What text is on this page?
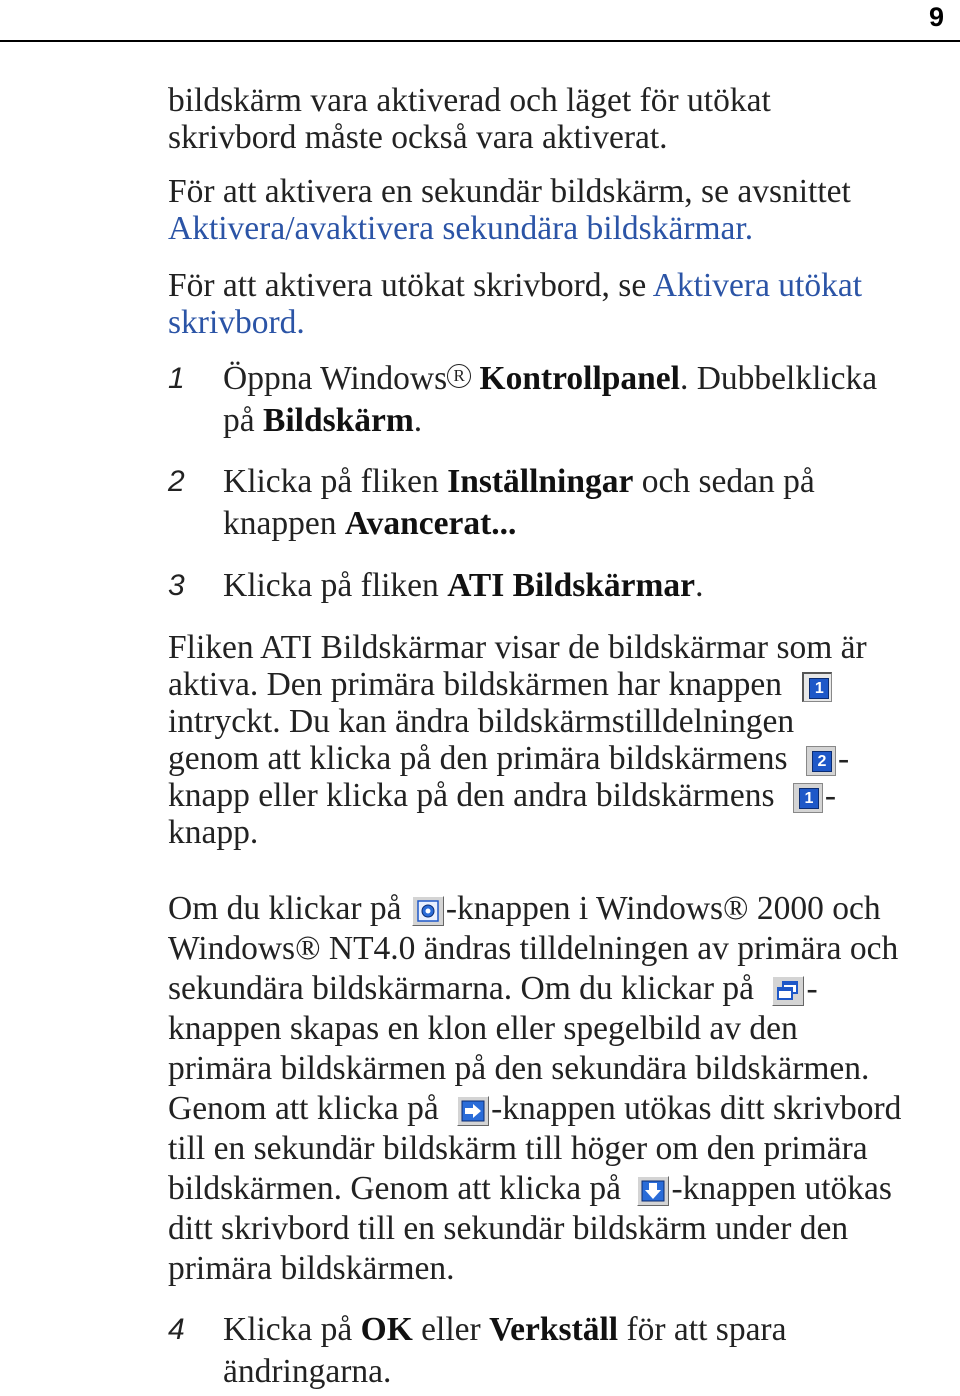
9
bildskärm vara aktiverad och läget för utökat
skrivbord måste också vara aktiverat.
För att aktivera en sekundär bildskärm, se avsnittet
Aktivera/avaktivera sekundära bildskärmar.
För att aktivera utökat skrivbord, se Aktivera utökat
skrivbord.
1 Öppna Windows $^R$ Kontrollpanel. Dubbelklicka
på Bildskärm.
2 Klicka på fliken Inställningar och sedan på
knappen Avancerat...
3 Klicka på fliken ATI Bildskärmar.
Fliken ATI Bildskärmar visar de bildskärmar som är
aktiva. Den primära bildskärmen har knappen	1
intryckt. Du kan ändra bildskärmstilldelningen
genom att klicka på den primära bildskärmens	2 -
knapp eller klicka på den andra bildskärmens	1 -
knapp.
Om du klickar på -knappen i Windows® 2000 och
Windows® NT4.0 ändras tilldelningen av primära och
sekundära bildskärmarna. Om du klickar på -
knappen skapas en klon eller spegelbild av den
primära bildskärmen på den sekundära bildskärmen.
Genom att klicka på -knappen utökas ditt skrivbord
till en sekundär bildskärm till höger om den primära
bildskärmen. Genom att klicka på -knappen utökas
ditt skrivbord till en sekundär bildskärm under den
primära bildskärmen.
4 Klicka på OK eller Verkställ för att spara
ändringarna.
